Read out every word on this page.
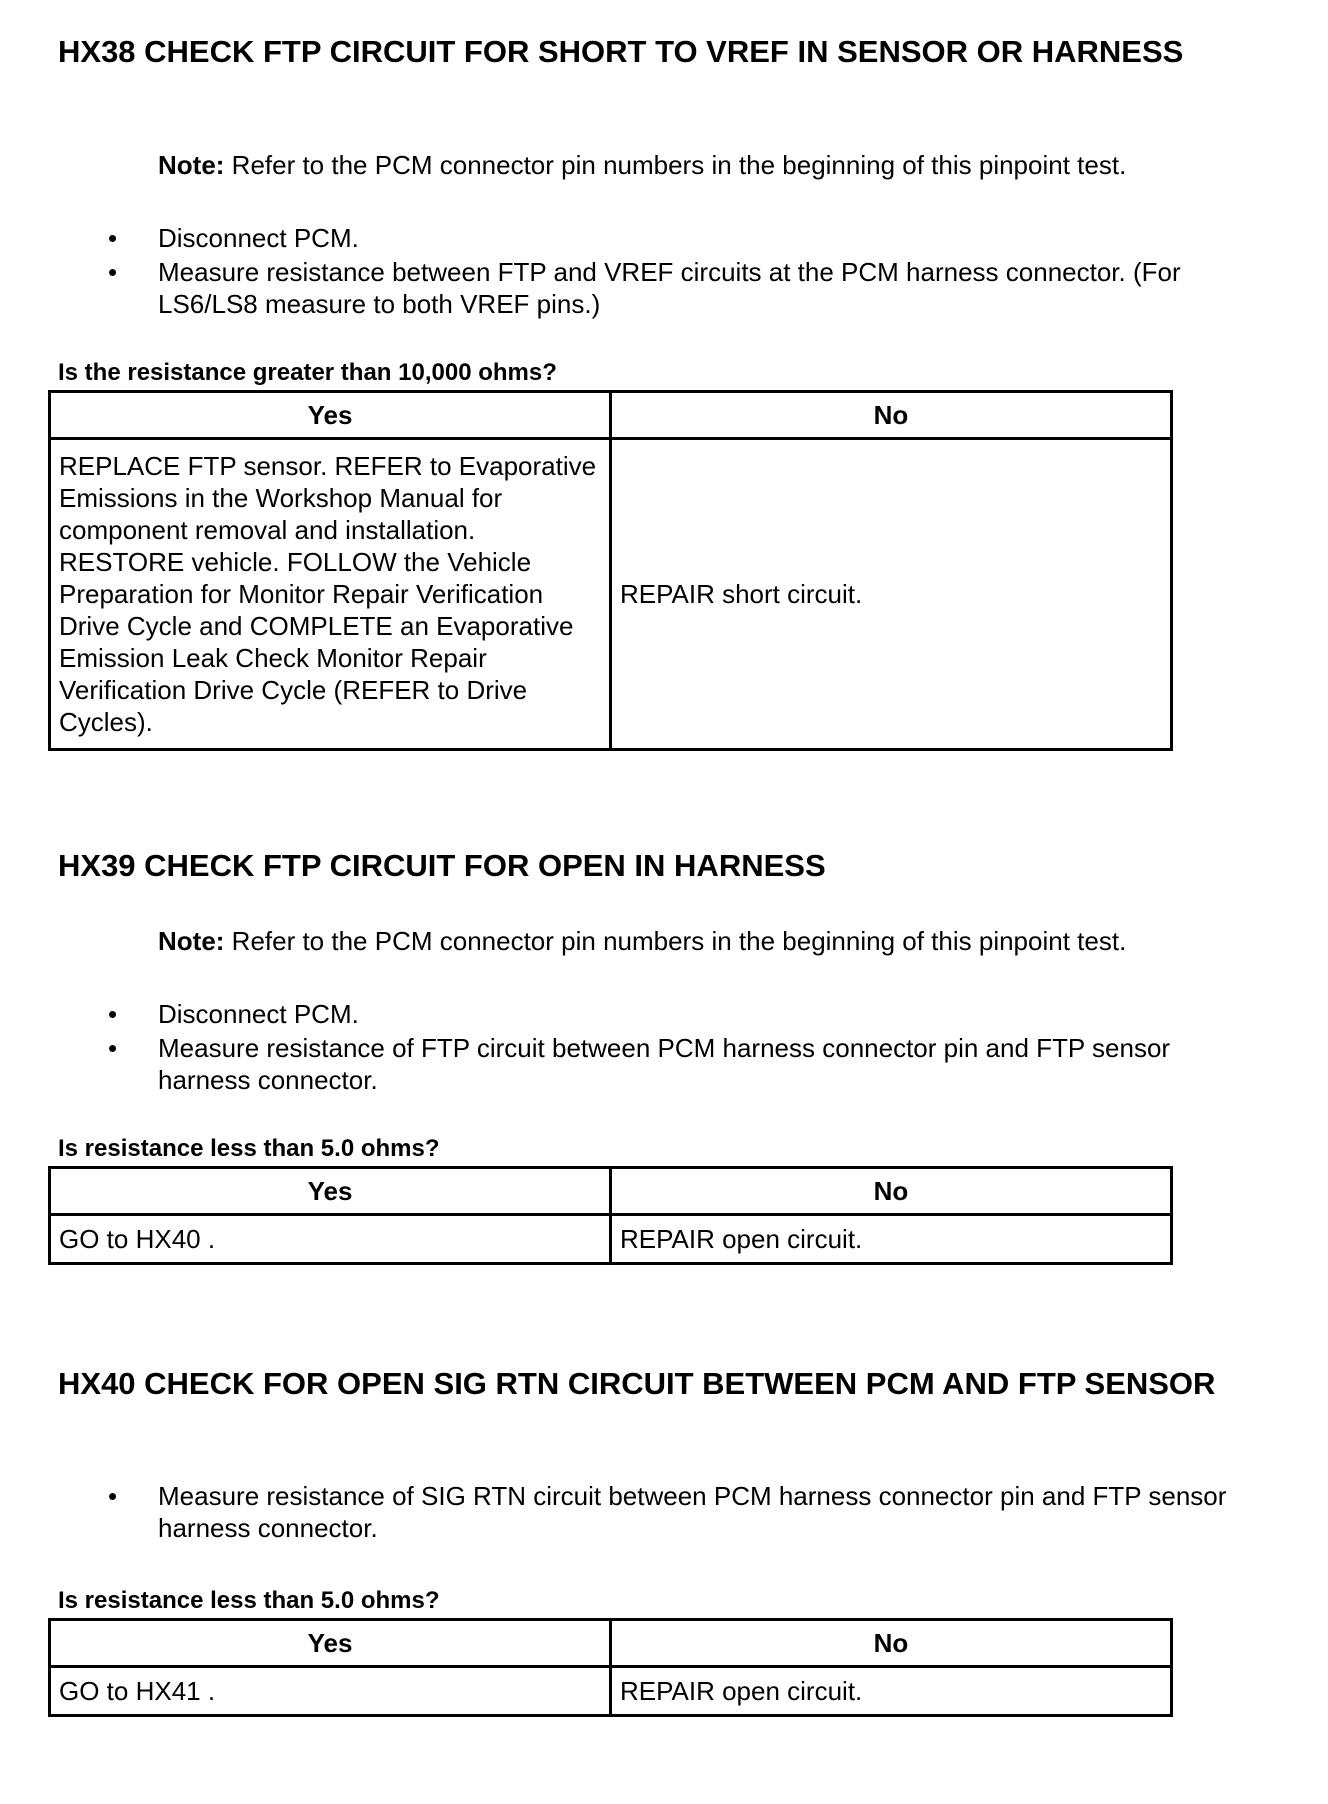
HX38 CHECK FTP CIRCUIT FOR SHORT TO VREF IN SENSOR OR HARNESS
Note: Refer to the PCM connector pin numbers in the beginning of this pinpoint test.
• Disconnect PCM.
• Measure resistance between FTP and VREF circuits at the PCM harness connector. (For LS6/LS8 measure to both VREF pins.)
Is the resistance greater than 10,000 ohms?
Yes	No
REPLACE FTP sensor. REFER to Evaporative Emissions in the Workshop Manual for component removal and installation. RESTORE vehicle. FOLLOW the Vehicle Preparation for Monitor Repair Verification Drive Cycle and COMPLETE an Evaporative Emission Leak Check Monitor Repair Verification Drive Cycle (REFER to Drive Cycles).	REPAIR short circuit.
HX39 CHECK FTP CIRCUIT FOR OPEN IN HARNESS
Note: Refer to the PCM connector pin numbers in the beginning of this pinpoint test.
• Disconnect PCM.
• Measure resistance of FTP circuit between PCM harness connector pin and FTP sensor harness connector.
Is resistance less than 5.0 ohms?
Yes	No
GO to HX40 .	REPAIR open circuit.
HX40 CHECK FOR OPEN SIG RTN CIRCUIT BETWEEN PCM AND FTP SENSOR
• Measure resistance of SIG RTN circuit between PCM harness connector pin and FTP sensor harness connector.
Is resistance less than 5.0 ohms?
Yes	No
GO to HX41 .	REPAIR open circuit.
